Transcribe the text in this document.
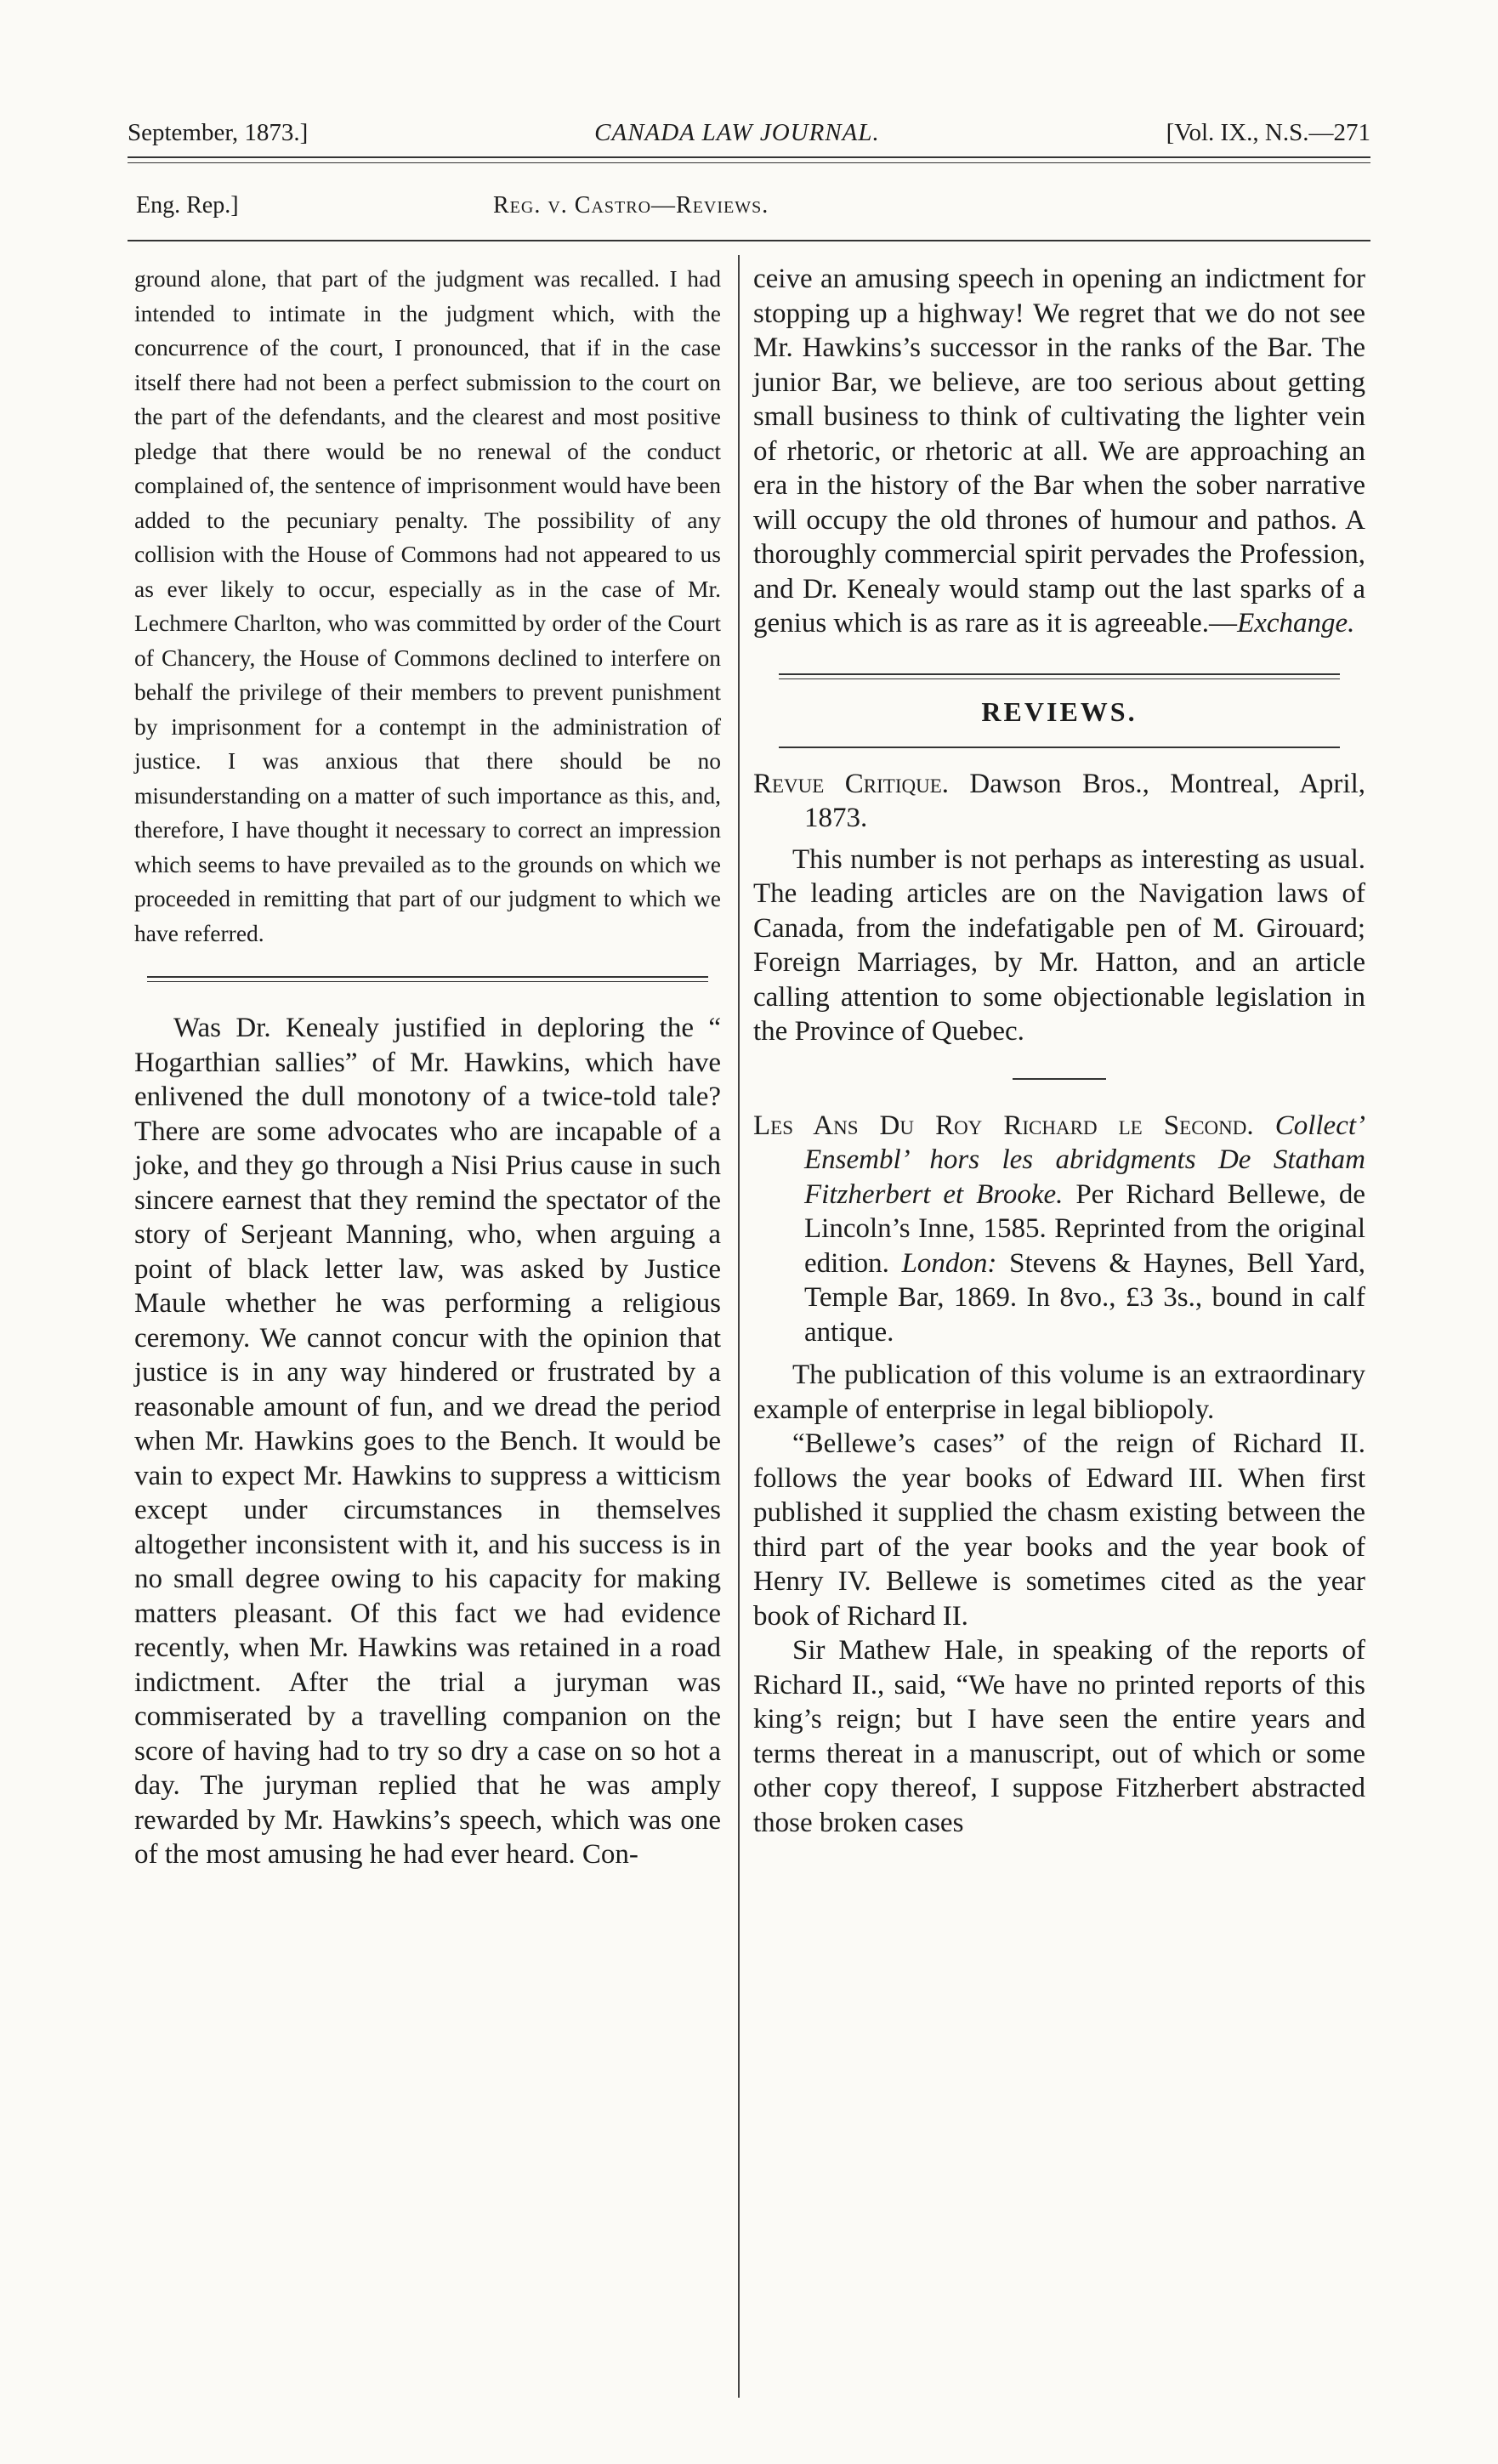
September, 1873.]	CANADA LAW JOURNAL.	[Vol. IX., N.S.—271
Eng. Rep.]	Reg. v. Castro—Reviews.

ground alone, that part of the judgment was recalled. I had intended to intimate in the judgment which, with the concurrence of the court, I pronounced, that if in the case itself there had not been a perfect submission to the court on the part of the defendants, and the clearest and most positive pledge that there would be no renewal of the conduct complained of, the sentence of imprisonment would have been added to the pecuniary penalty. The possibility of any collision with the House of Commons had not appeared to us as ever likely to occur, especially as in the case of Mr. Lechmere Charlton, who was committed by order of the Court of Chancery, the House of Commons declined to interfere on behalf the privilege of their members to prevent punishment by imprisonment for a contempt in the administration of justice. I was anxious that there should be no misunderstanding on a matter of such importance as this, and, therefore, I have thought it necessary to correct an impression which seems to have prevailed as to the grounds on which we proceeded in remitting that part of our judgment to which we have referred.

Was Dr. Kenealy justified in deploring the “ Hogarthian sallies” of Mr. Hawkins, which have enlivened the dull monotony of a twice-told tale? There are some advocates who are incapable of a joke, and they go through a Nisi Prius cause in such sincere earnest that they remind the spectator of the story of Serjeant Manning, who, when arguing a point of black letter law, was asked by Justice Maule whether he was performing a religious ceremony. We cannot concur with the opinion that justice is in any way hindered or frustrated by a reasonable amount of fun, and we dread the period when Mr. Hawkins goes to the Bench. It would be vain to expect Mr. Hawkins to suppress a witticism except under circumstances in themselves altogether inconsistent with it, and his success is in no small degree owing to his capacity for making matters pleasant. Of this fact we had evidence recently, when Mr. Hawkins was retained in a road indictment. After the trial a juryman was commiserated by a travelling companion on the score of having had to try so dry a case on so hot a day. The juryman replied that he was amply rewarded by Mr. Hawkins’s speech, which was one of the most amusing he had ever heard. Con-

ceive an amusing speech in opening an indictment for stopping up a highway! We regret that we do not see Mr. Hawkins’s successor in the ranks of the Bar. The junior Bar, we believe, are too serious about getting small business to think of cultivating the lighter vein of rhetoric, or rhetoric at all. We are approaching an era in the history of the Bar when the sober narrative will occupy the old thrones of humour and pathos. A thoroughly commercial spirit pervades the Profession, and Dr. Kenealy would stamp out the last sparks of a genius which is as rare as it is agreeable.—Exchange.

REVIEWS.

Revue Critique. Dawson Bros., Montreal, April, 1873.

This number is not perhaps as interesting as usual. The leading articles are on the Navigation laws of Canada, from the indefatigable pen of M. Girouard; Foreign Marriages, by Mr. Hatton, and an article calling attention to some objectionable legislation in the Province of Quebec.

Les Ans Du Roy Richard le Second. Collect’ Ensembl’ hors les abridgments De Statham Fitzherbert et Brooke. Per Richard Bellewe, de Lincoln’s Inne, 1585. Reprinted from the original edition. London: Stevens & Haynes, Bell Yard, Temple Bar, 1869. In 8vo., £3 3s., bound in calf antique.

The publication of this volume is an extraordinary example of enterprise in legal bibliopoly.

“Bellewe’s cases” of the reign of Richard II. follows the year books of Edward III. When first published it supplied the chasm existing between the third part of the year books and the year book of Henry IV. Bellewe is sometimes cited as the year book of Richard II.

Sir Mathew Hale, in speaking of the reports of Richard II., said, “We have no printed reports of this king’s reign; but I have seen the entire years and terms thereat in a manuscript, out of which or some other copy thereof, I suppose Fitzherbert abstracted those broken cases
